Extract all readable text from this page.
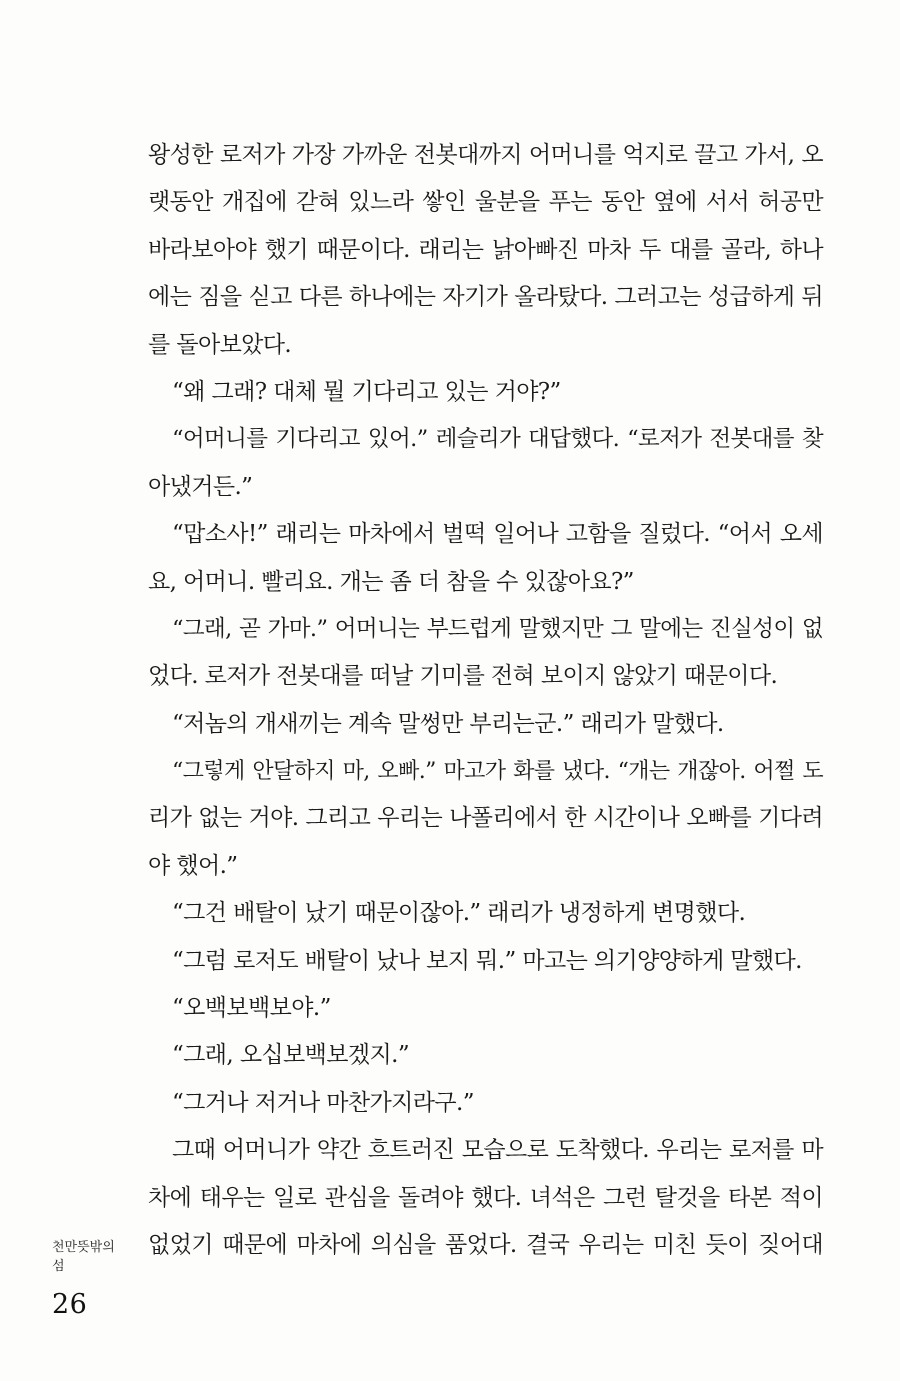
왕성한 로저가 가장 가까운 전봇대까지 어머니를 억지로 끌고 가서, 오
랫동안 개집에 갇혀 있느라 쌓인 울분을 푸는 동안 옆에 서서 허공만
바라보아야 했기 때문이다. 래리는 낡아빠진 마차 두 대를 골라, 하나
에는 짐을 싣고 다른 하나에는 자기가 올라탔다. 그러고는 성급하게 뒤
를 돌아보았다.
“왜 그래? 대체 뭘 기다리고 있는 거야?”
“어머니를 기다리고 있어.” 레슬리가 대답했다. “로저가 전봇대를 찾
아냈거든.”
“맙소사!” 래리는 마차에서 벌떡 일어나 고함을 질렀다. “어서 오세
요, 어머니. 빨리요. 개는 좀 더 참을 수 있잖아요?”
“그래, 곧 가마.” 어머니는 부드럽게 말했지만 그 말에는 진실성이 없
었다. 로저가 전봇대를 떠날 기미를 전혀 보이지 않았기 때문이다.
“저놈의 개새끼는 계속 말썽만 부리는군.” 래리가 말했다.
“그렇게 안달하지 마, 오빠.” 마고가 화를 냈다. “개는 개잖아. 어쩔 도
리가 없는 거야. 그리고 우리는 나폴리에서 한 시간이나 오빠를 기다려
야 했어.”
“그건 배탈이 났기 때문이잖아.” 래리가 냉정하게 변명했다.
“그럼 로저도 배탈이 났나 보지 뭐.” 마고는 의기양양하게 말했다.
“오백보백보야.”
“그래, 오십보백보겠지.”
“그거나 저거나 마찬가지라구.”
그때 어머니가 약간 흐트러진 모습으로 도착했다. 우리는 로저를 마
차에 태우는 일로 관심을 돌려야 했다. 녀석은 그런 탈것을 타본 적이
없었기 때문에 마차에 의심을 품었다. 결국 우리는 미친 듯이 짖어대
천만뜻밖의
섬
26
